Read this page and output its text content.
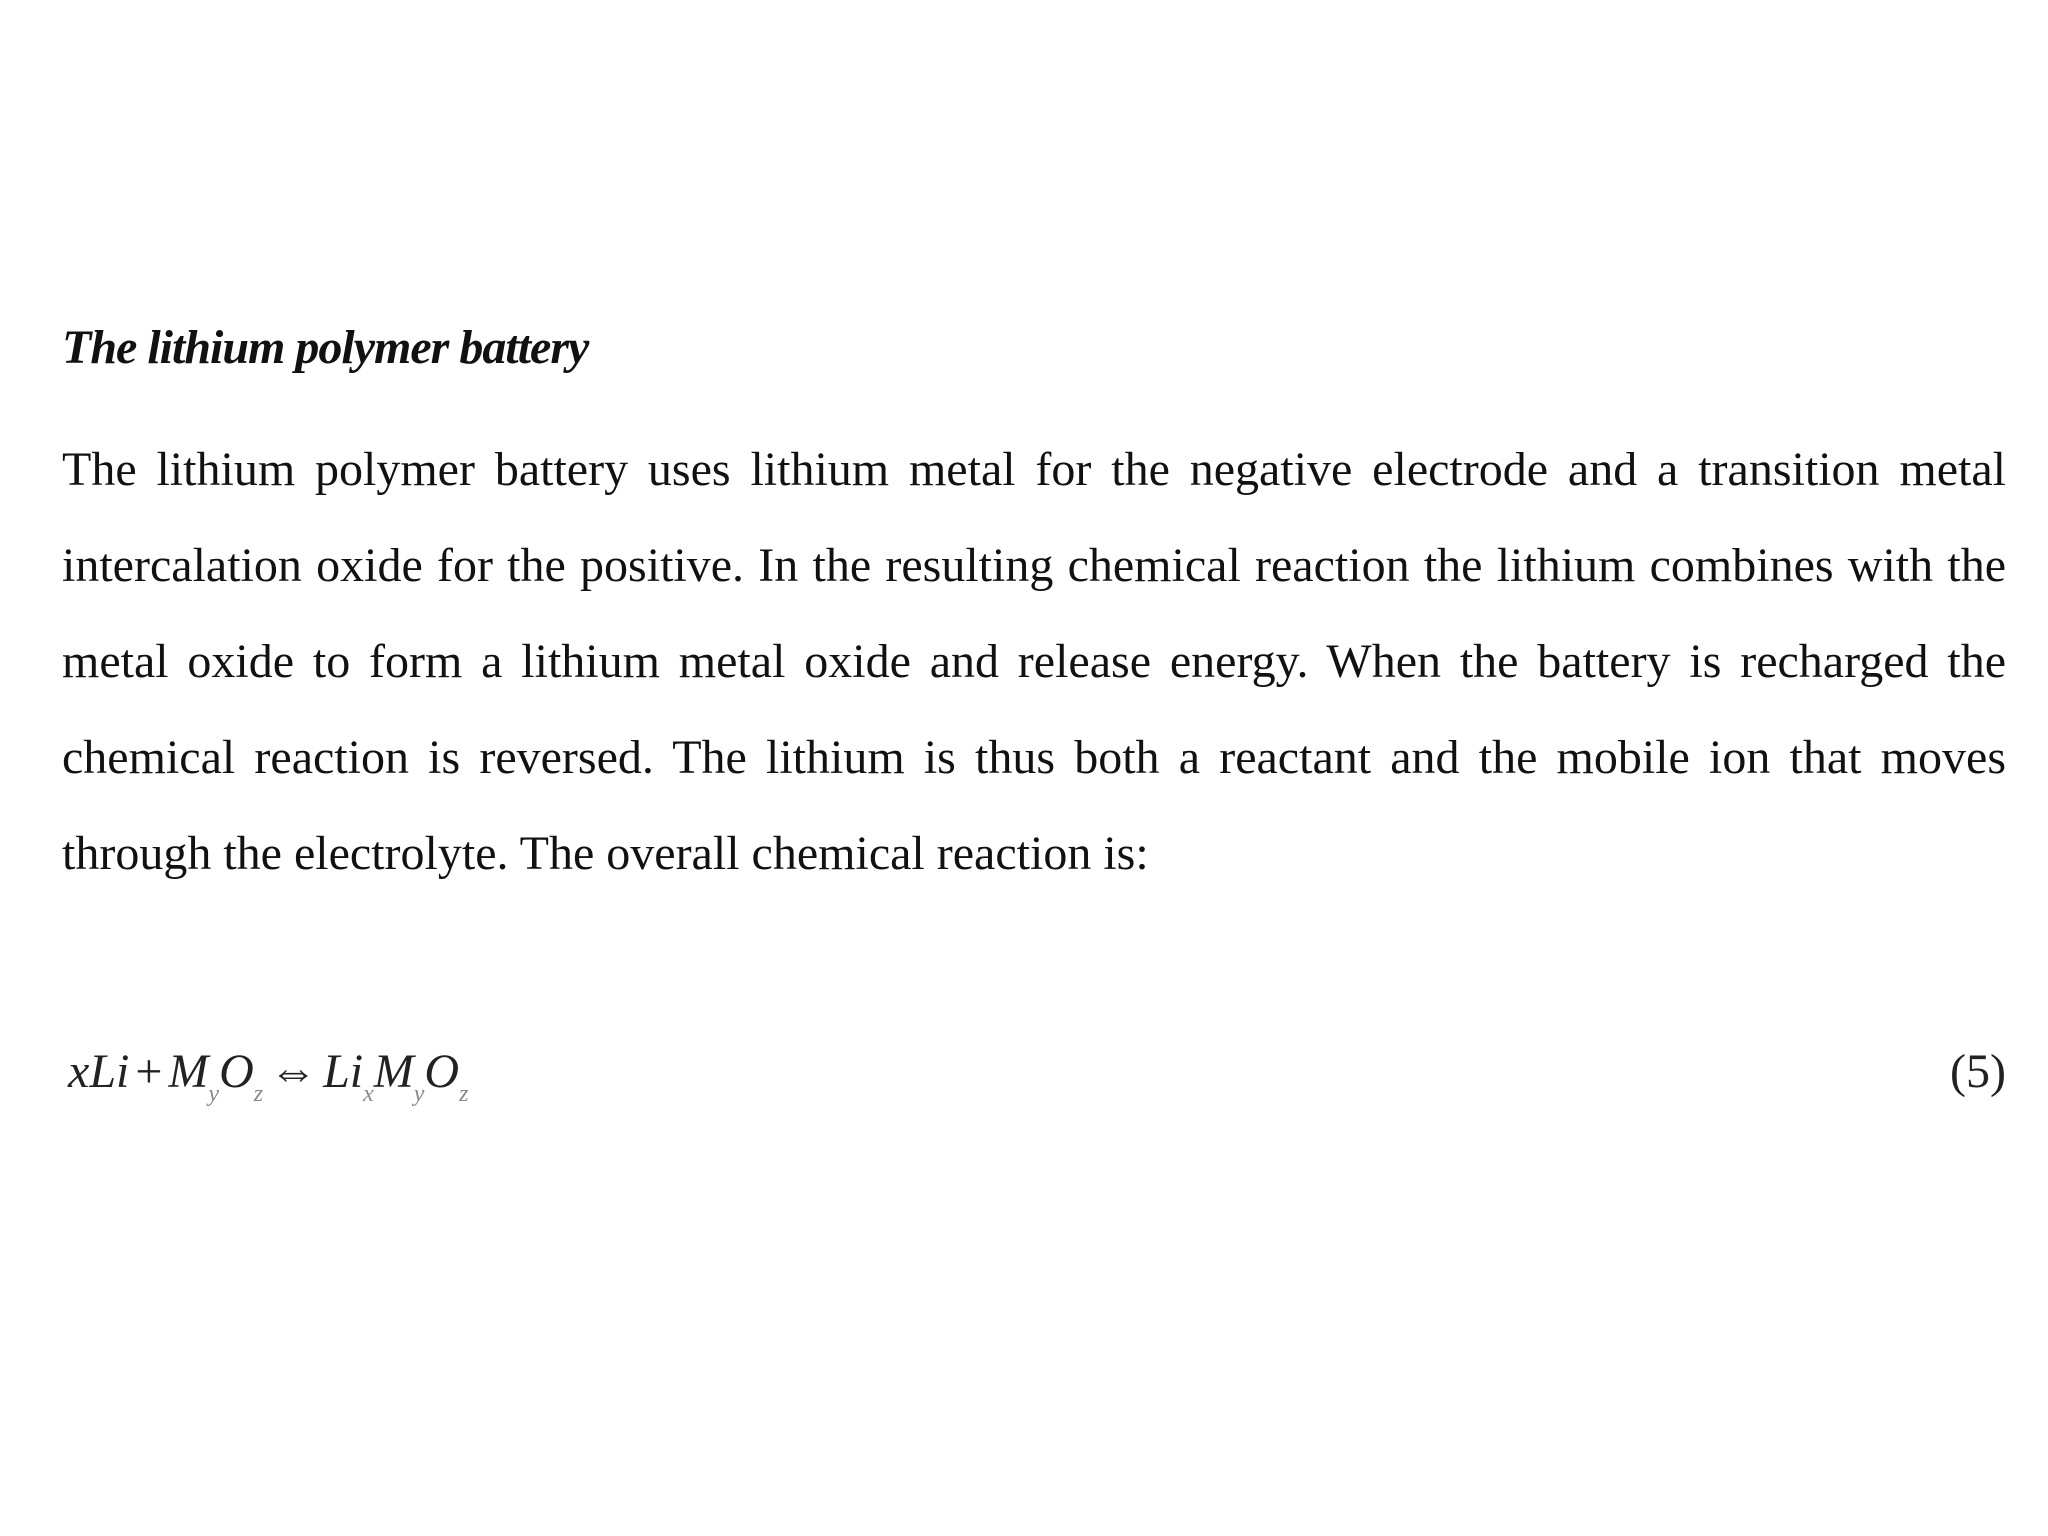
The lithium polymer battery

The lithium polymer battery uses lithium metal for the negative electrode and a transition metal intercalation oxide for the positive. In the resulting chemical reaction the lithium combines with the metal oxide to form a lithium metal oxide and release energy. When the battery is recharged the chemical reaction is reversed. The lithium is thus both a reactant and the mobile ion that moves through the electrolyte. The overall chemical reaction is:

xLi + $M_yO_z$ ⇔ $Li_xM_yO_z$	(5)
